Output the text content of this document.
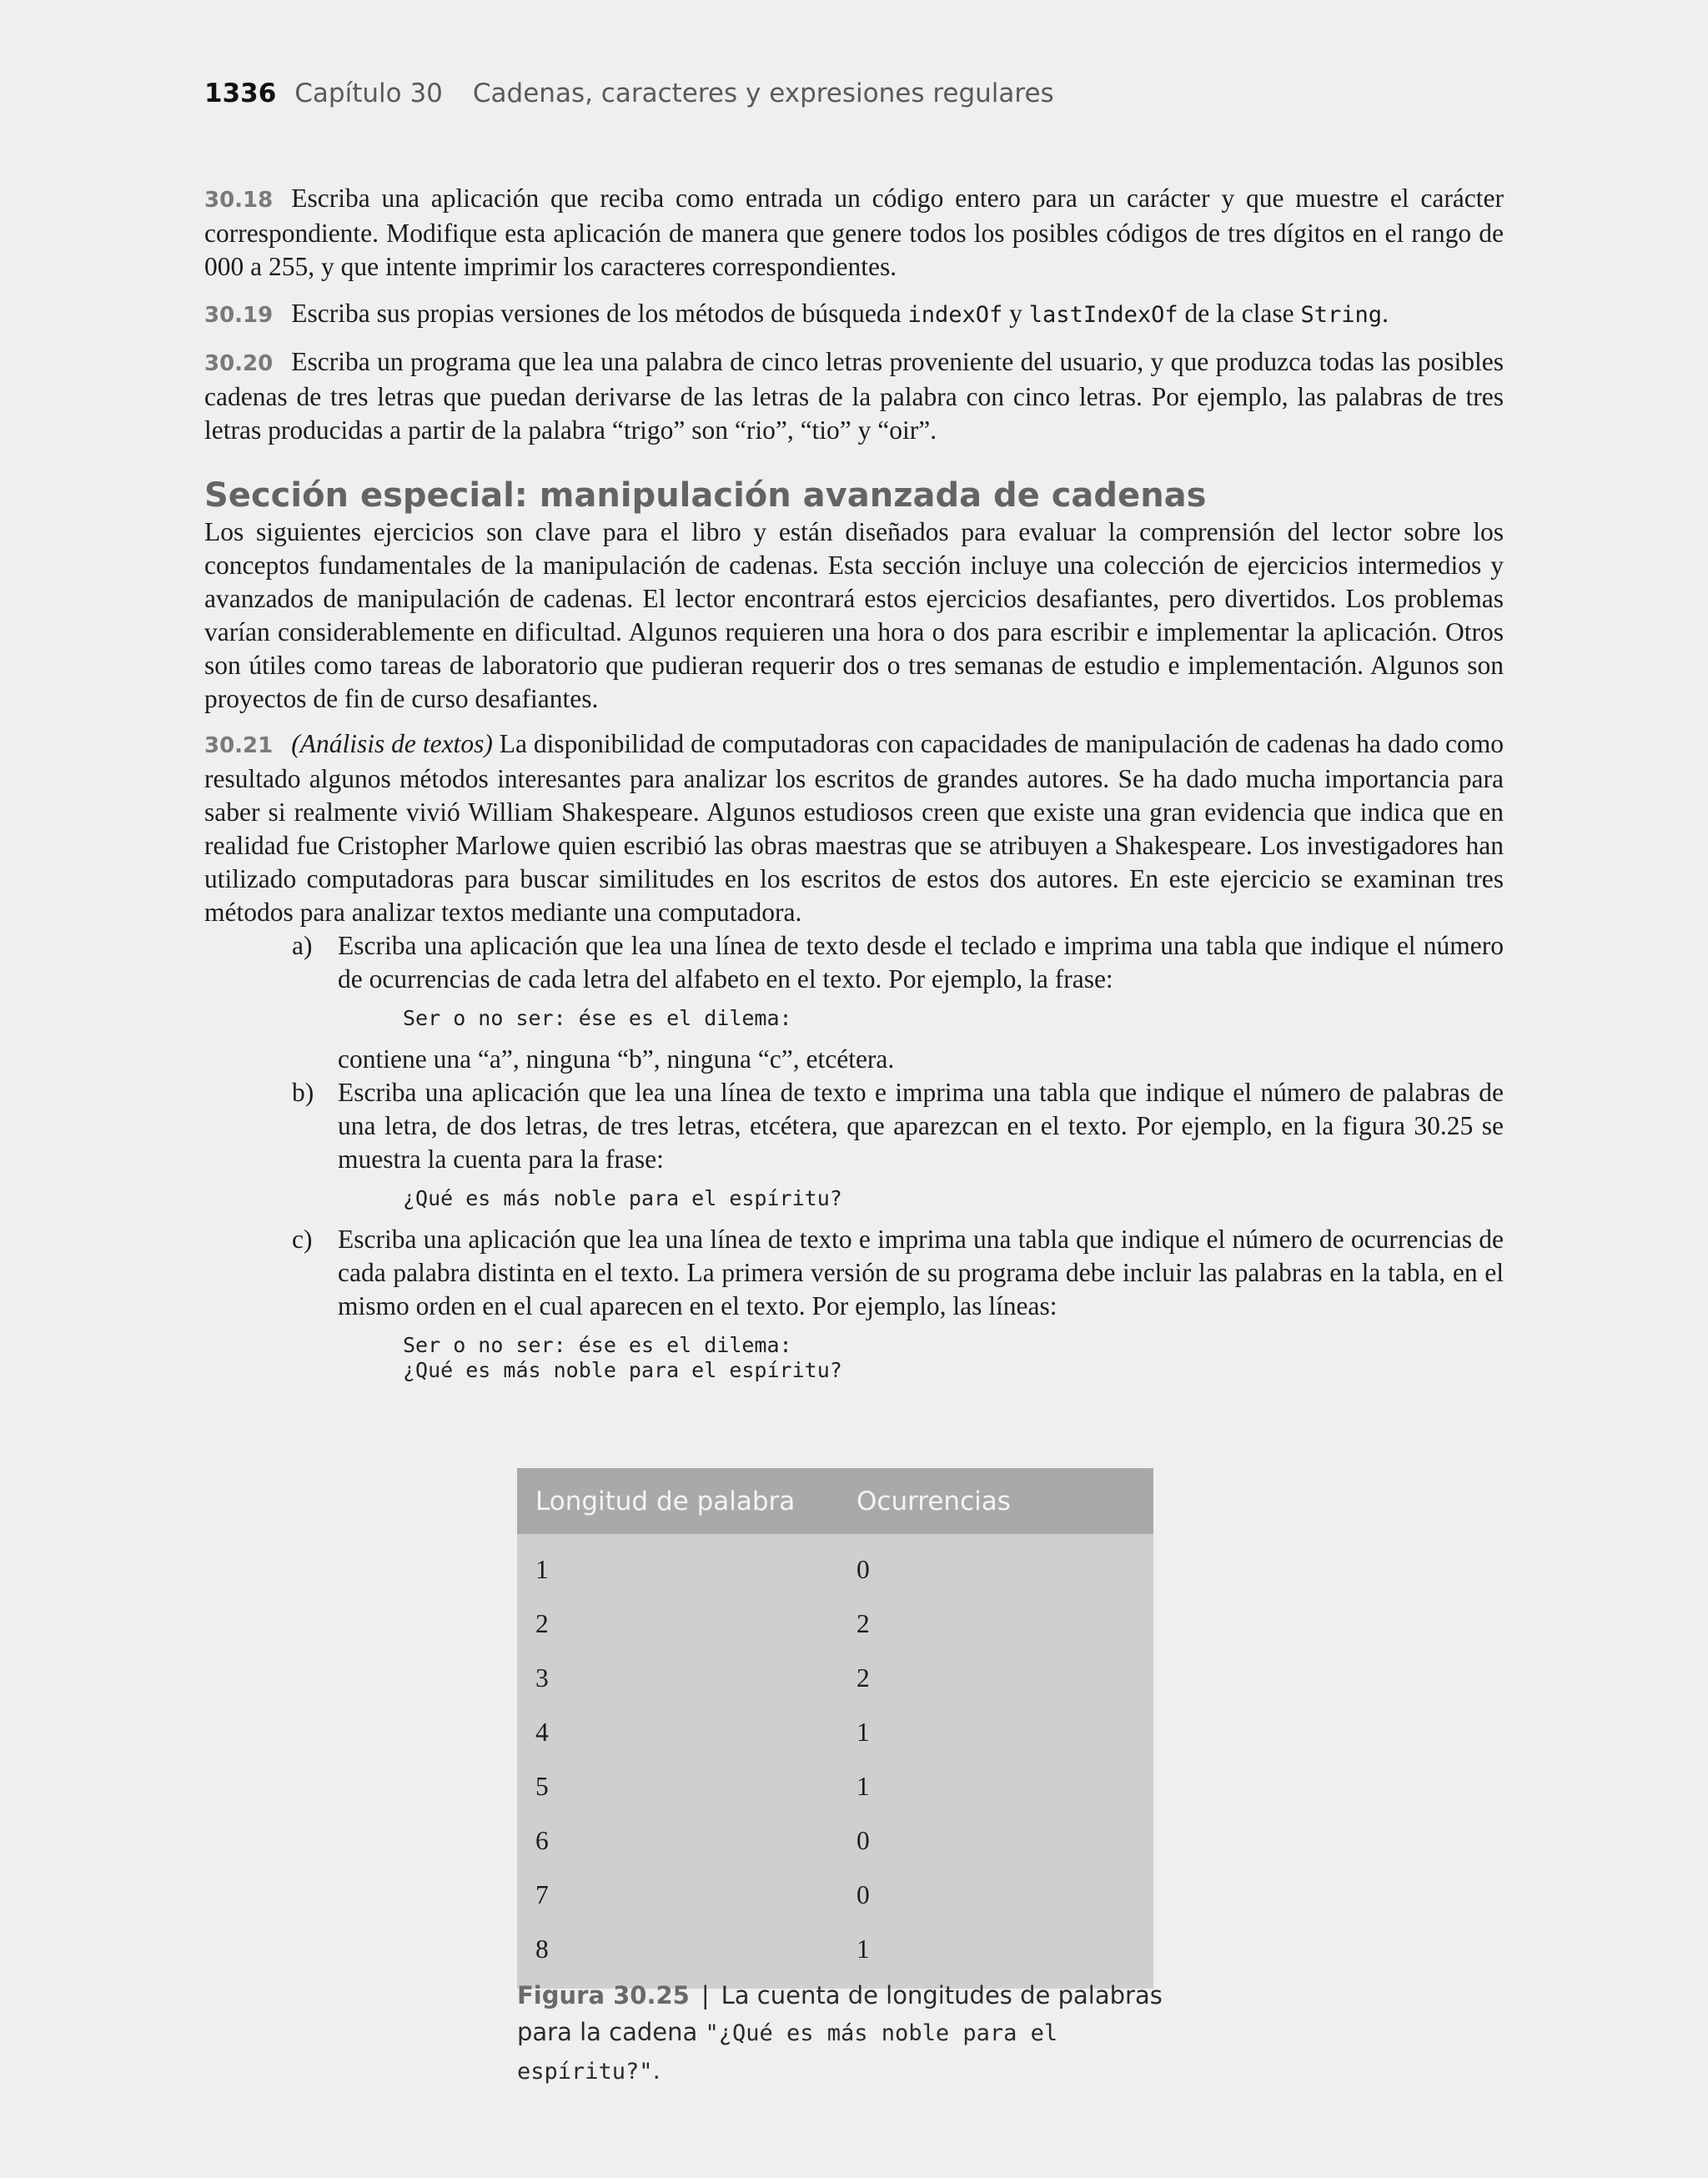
1336 Capítulo 30 Cadenas, caracteres y expresiones regulares

30.18 Escriba una aplicación que reciba como entrada un código entero para un carácter y que muestre el carácter correspondiente. Modifique esta aplicación de manera que genere todos los posibles códigos de tres dígitos en el rango de 000 a 255, y que intente imprimir los caracteres correspondientes.

30.19 Escriba sus propias versiones de los métodos de búsqueda indexOf y lastIndexOf de la clase String.

30.20 Escriba un programa que lea una palabra de cinco letras proveniente del usuario, y que produzca todas las posibles cadenas de tres letras que puedan derivarse de las letras de la palabra con cinco letras. Por ejemplo, las palabras de tres letras producidas a partir de la palabra “trigo” son “rio”, “tio” y “oir”.

Sección especial: manipulación avanzada de cadenas

Los siguientes ejercicios son clave para el libro y están diseñados para evaluar la comprensión del lector sobre los conceptos fundamentales de la manipulación de cadenas. Esta sección incluye una colección de ejercicios intermedios y avanzados de manipulación de cadenas. El lector encontrará estos ejercicios desafiantes, pero divertidos. Los problemas varían considerablemente en dificultad. Algunos requieren una hora o dos para escribir e implementar la aplicación. Otros son útiles como tareas de laboratorio que pudieran requerir dos o tres semanas de estudio e implementación. Algunos son proyectos de fin de curso desafiantes.

30.21 (Análisis de textos) La disponibilidad de computadoras con capacidades de manipulación de cadenas ha dado como resultado algunos métodos interesantes para analizar los escritos de grandes autores. Se ha dado mucha importancia para saber si realmente vivió William Shakespeare. Algunos estudiosos creen que existe una gran evidencia que indica que en realidad fue Cristopher Marlowe quien escribió las obras maestras que se atribuyen a Shakespeare. Los investigadores han utilizado computadoras para buscar similitudes en los escritos de estos dos autores. En este ejercicio se examinan tres métodos para analizar textos mediante una computadora.

a) Escriba una aplicación que lea una línea de texto desde el teclado e imprima una tabla que indique el número de ocurrencias de cada letra del alfabeto en el texto. Por ejemplo, la frase:

Ser o no ser: ése es el dilema:

contiene una “a”, ninguna “b”, ninguna “c”, etcétera.

b) Escriba una aplicación que lea una línea de texto e imprima una tabla que indique el número de palabras de una letra, de dos letras, de tres letras, etcétera, que aparezcan en el texto. Por ejemplo, en la figura 30.25 se muestra la cuenta para la frase:

¿Qué es más noble para el espíritu?
c) Escriba una aplicación que lea una línea de texto e imprima una tabla que indique el número de ocurrencias de cada palabra distinta en el texto. La primera versión de su programa debe incluir las palabras en la tabla, en el mismo orden en el cual aparecen en el texto. Por ejemplo, las líneas:

Ser o no ser: ése es el dilema:
¿Qué es más noble para el espíritu?
Longitud de palabra	Ocurrencias
1	0
2	2
3	2
4	1
5	1
6	0
7	0
8	1
Figura 30.25 | La cuenta de longitudes de palabras para la cadena "¿Qué es más noble para el espíritu?".
